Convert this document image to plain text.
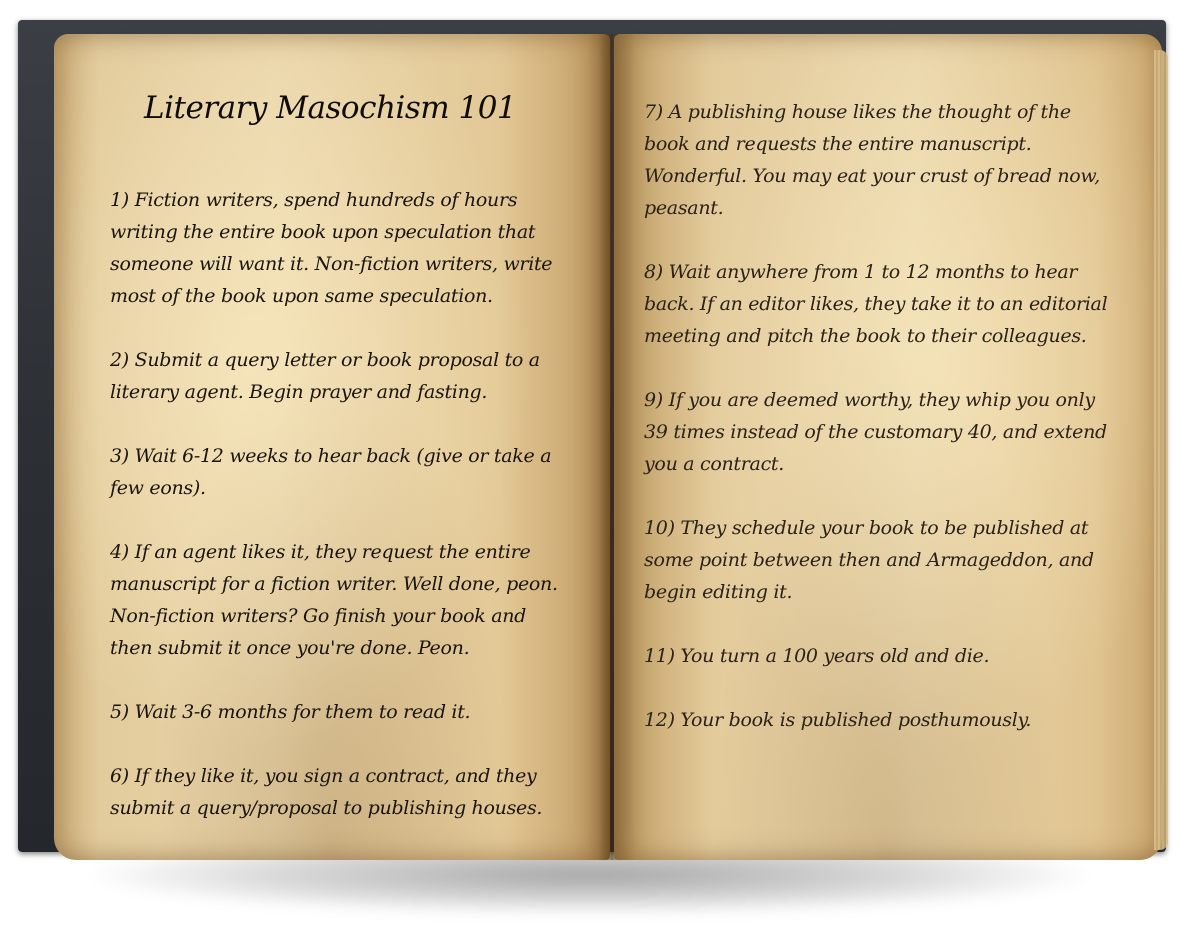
Literary Masochism 101

1) Fiction writers, spend hundreds of hours writing the entire book upon speculation that someone will want it. Non-fiction writers, write most of the book upon same speculation.

2) Submit a query letter or book proposal to a literary agent. Begin prayer and fasting.

3) Wait 6-12 weeks to hear back (give or take a few eons).

4) If an agent likes it, they request the entire manuscript for a fiction writer. Well done, peon. Non-fiction writers? Go finish your book and then submit it once you're done. Peon.

5) Wait 3-6 months for them to read it.

6) If they like it, you sign a contract, and they submit a query/proposal to publishing houses.

7) A publishing house likes the thought of the book and requests the entire manuscript. Wonderful. You may eat your crust of bread now, peasant.

8) Wait anywhere from 1 to 12 months to hear back. If an editor likes, they take it to an editorial meeting and pitch the book to their colleagues.

9) If you are deemed worthy, they whip you only 39 times instead of the customary 40, and extend you a contract.

10) They schedule your book to be published at some point between then and Armageddon, and begin editing it.

11) You turn a 100 years old and die.

12) Your book is published posthumously.
